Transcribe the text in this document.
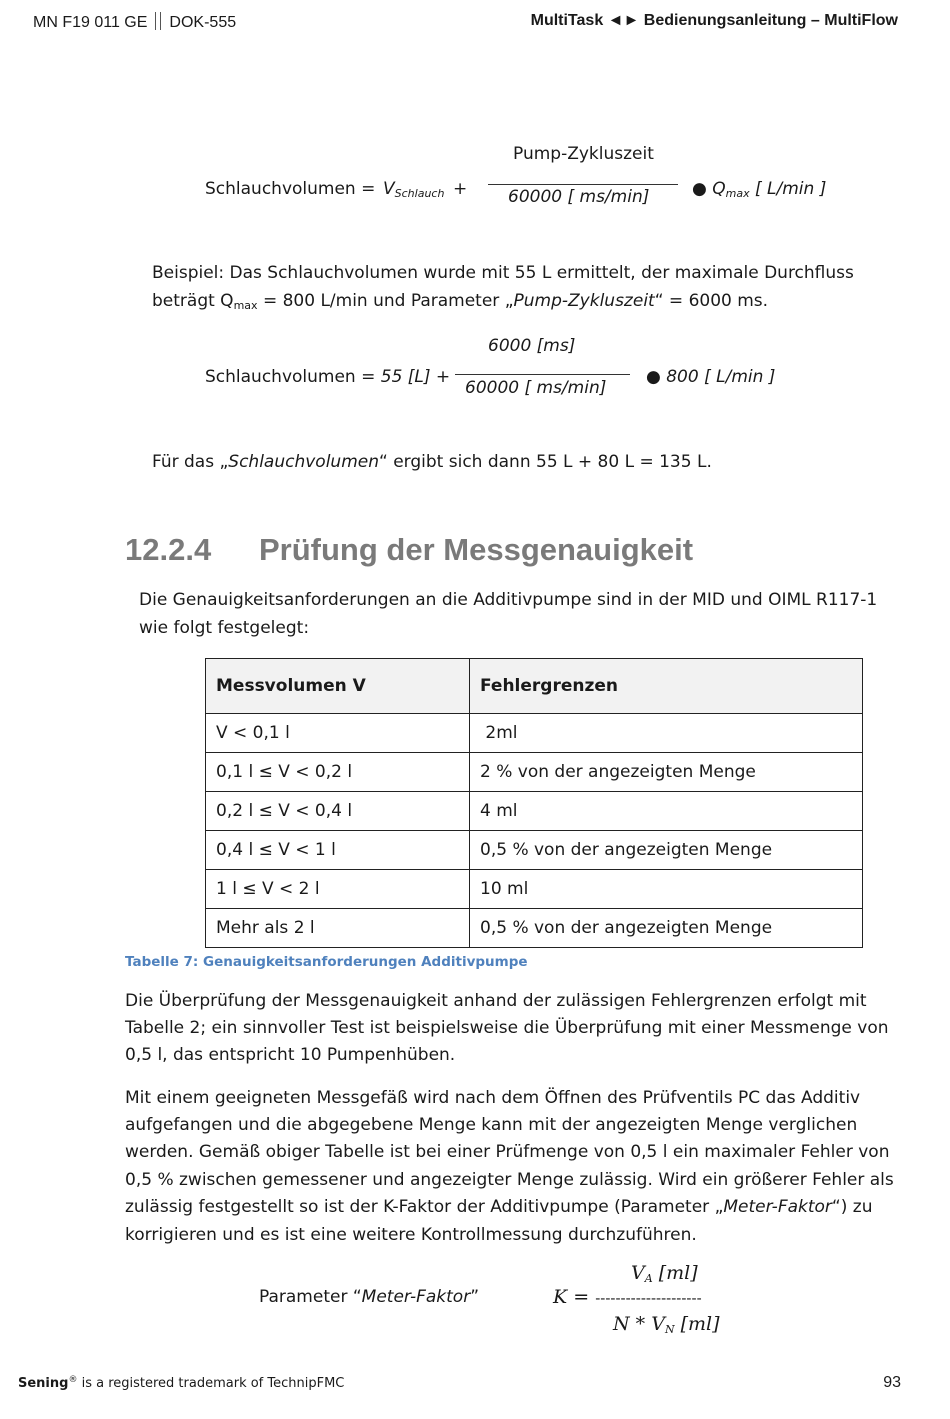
MN F19 011 GE DOK-555	MultiTask ◄► Bedienungsanleitung – MultiFlow
Schlauchvolumen = $V_{Schlauch}$ +
Pump-Zykluszeit
60000 [ ms/min]	● $Q_{max}$ [ L/min ]
Beispiel: Das Schlauchvolumen wurde mit 55 L ermittelt, der maximale Durchfluss
beträgt $Q_{max} = 800$ L/min und Parameter „Pump-Zykluszeit“ = 6000 ms.
Schlauchvolumen = 55 [L] +
6000 [ms]
60000 [ ms/min]
● 800 [ L/min ]
Für das „Schlauchvolumen“ ergibt sich dann 55 L + 80 L = 135 L.
12.2.4 Prüfung der Messgenauigkeit
Die Genauigkeitsanforderungen an die Additivpumpe sind in der MID und OIML R117-1
wie folgt festgelegt:
Messvolumen V	Fehlergrenzen
V < 0,1 l	2ml
0,1 l ≤ V < 0,2 l	2 % von der angezeigten Menge
0,2 l ≤ V < 0,4 l	4 ml
0,4 l ≤ V < 1 l	0,5 % von der angezeigten Menge
1 l ≤ V < 2 l	10 ml
Mehr als 2 l	0,5 % von der angezeigten Menge
Tabelle 7: Genauigkeitsanforderungen Additivpumpe
Die Überprüfung der Messgenauigkeit anhand der zulässigen Fehlergrenzen erfolgt mit
Tabelle 2; ein sinnvoller Test ist beispielsweise die Überprüfung mit einer Messmenge von
0,5 l, das entspricht 10 Pumpenhüben.
Mit einem geeigneten Messgefäß wird nach dem Öffnen des Prüfventils PC das Additiv
aufgefangen und die abgegebene Menge kann mit der angezeigten Menge verglichen
werden. Gemäß obiger Tabelle ist bei einer Prüfmenge von 0,5 l ein maximaler Fehler von
0,5 % zwischen gemessener und angezeigter Menge zulässig. Wird ein größerer Fehler als
zulässig festgestellt so ist der K-Faktor der Additivpumpe (Parameter „Meter-Faktor“) zu
korrigieren und es ist eine weitere Kontrollmessung durchzuführen.
Parameter “Meter-Faktor”
$V_A$ [ml]
K = ---------------------
N * $V_N$ [ml]
Sening® is a registered trademark of TechnipFMC	93
